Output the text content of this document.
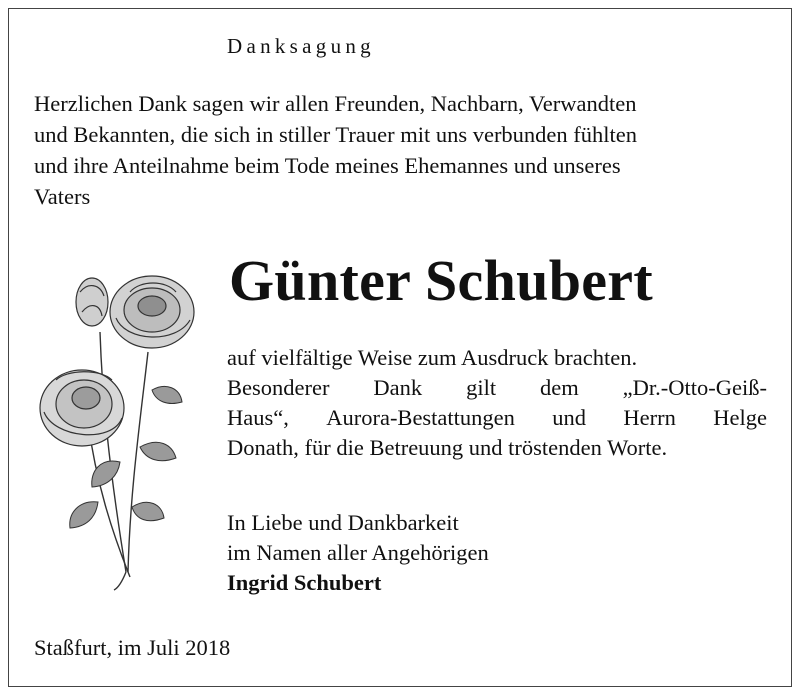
Danksagung
Herzlichen Dank sagen wir allen Freunden, Nachbarn, Verwandten
und Bekannten, die sich in stiller Trauer mit uns verbunden fühlten
und ihre Anteilnahme beim Tode meines Ehemannes und unseres
Vaters
Günter Schubert
auf vielfältige Weise zum Ausdruck brachten.
Besonderer Dank gilt dem „Dr.-Otto-Geiß-
Haus“, Aurora-Bestattungen und Herrn Helge
Donath, für die Betreuung und tröstenden Worte.
In Liebe und Dankbarkeit
im Namen aller Angehörigen
Ingrid Schubert
Staßfurt, im Juli 2018
